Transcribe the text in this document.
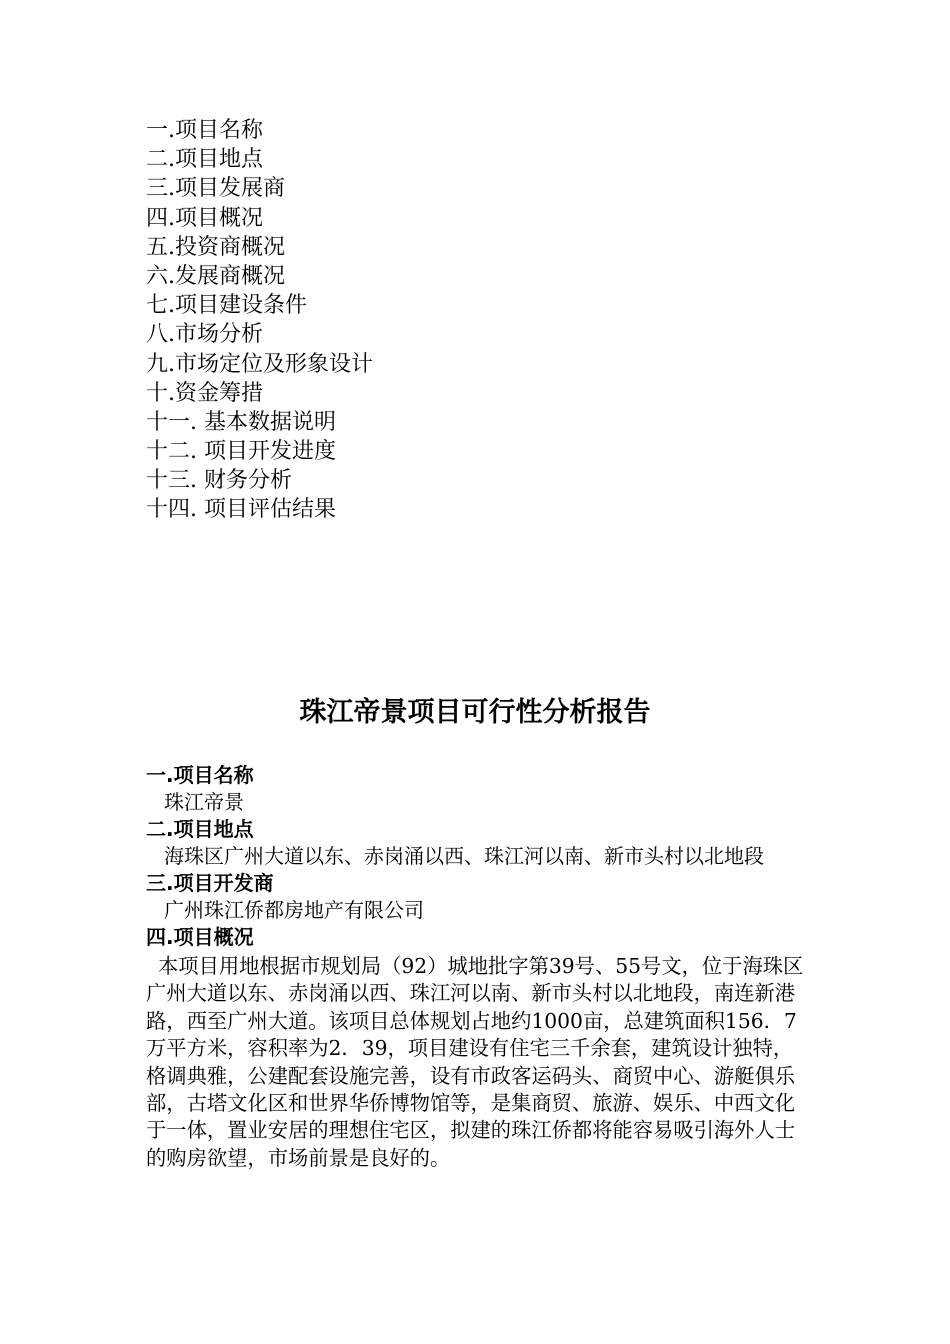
一.项目名称
二.项目地点
三.项目发展商
四.项目概况
五.投资商概况
六.发展商概况
七.项目建设条件
八.市场分析
九.市场定位及形象设计
十.资金筹措
十一. 基本数据说明
十二. 项目开发进度
十三. 财务分析
十四. 项目评估结果
珠江帝景项目可行性分析报告
一.项目名称

珠江帝景

二.项目地点

海珠区广州大道以东、赤岗涌以西、珠江河以南、新市头村以北地段

三.项目开发商

广州珠江侨都房地产有限公司

四.项目概况

本项目用地根据市规划局（92）城地批字第39号、55号文，位于海珠区广州大道以东、赤岗涌以西、珠江河以南、新市头村以北地段，南连新港路，西至广州大道。该项目总体规划占地约1000亩，总建筑面积156．7万平方米，容积率为2．39，项目建设有住宅三千余套，建筑设计独特，格调典雅，公建配套设施完善，设有市政客运码头、商贸中心、游艇俱乐部，古塔文化区和世界华侨博物馆等，是集商贸、旅游、娱乐、中西文化于一体，置业安居的理想住宅区，拟建的珠江侨都将能容易吸引海外人士的购房欲望，市场前景是良好的。
